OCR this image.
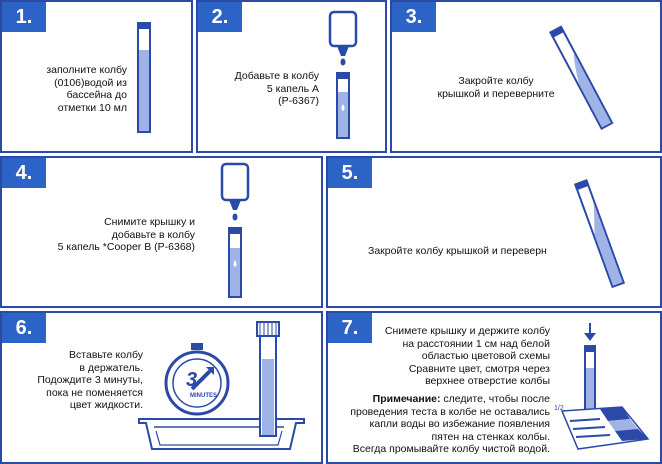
1.
заполните колбу
(0106)водой из
бассейна до
отметки 10 мл
2.
Добавьте в колбу
5 капель А
(Р-6367)
3.
Закройте колбу
крышкой и переверните
4.
Снимите крышку и
добавьте в колбу
5 капель *Cooper B (P-6368)
5.
Закройте колбу крышкой и переверн
6.
Вставьте колбу
в держатель.
Подождите 3 минуты,
пока не поменяется
цвет жидкости.
3
MINUTES
7.	Снимете крышку и держите колбу
на расстоянии 1 см над белой
областью цветовой схемы
Сравните цвет, смотря через
верхнее отверстие колбы
Примечание: следите, чтобы после
проведения теста в колбе не оставались
капли воды во избежание появления
пятен на стенках колбы.
Всегда промывайте колбу чистой водой.
1/2
